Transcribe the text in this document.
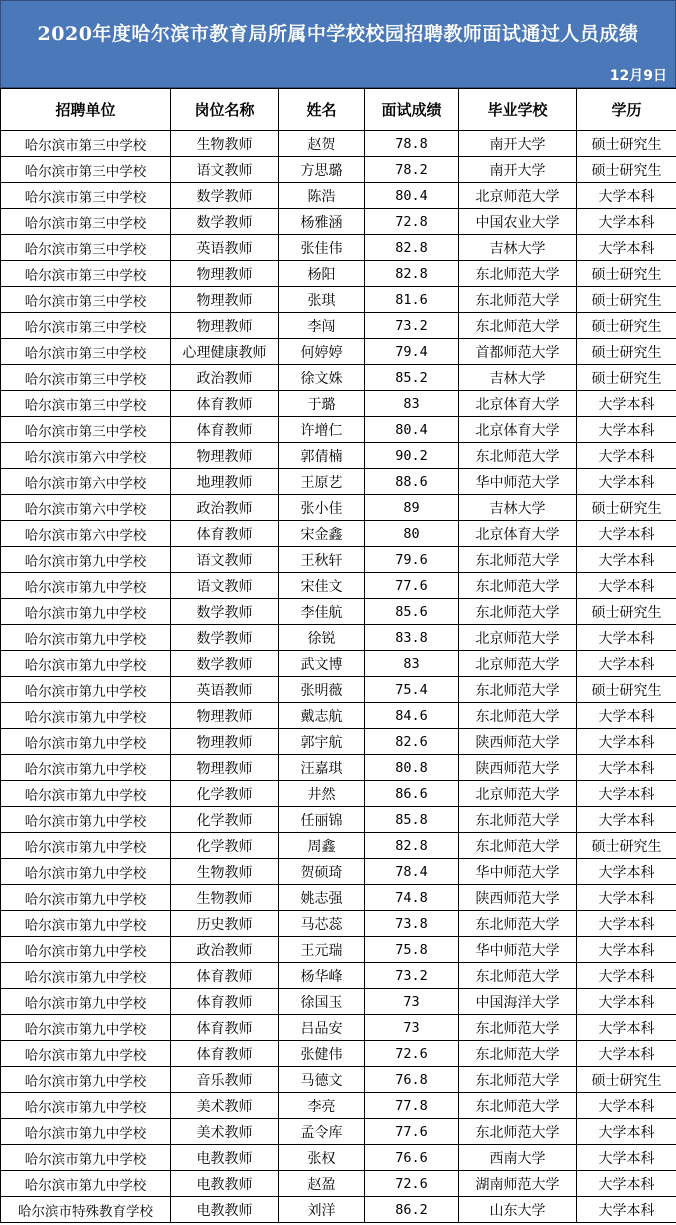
2020年度哈尔滨市教育局所属中学校校园招聘教师面试通过人员成绩
12月9日
招聘单位	岗位名称	姓名	面试成绩	毕业学校	学历
哈尔滨市第三中学校	生物教师	赵贺	78.8	南开大学	硕士研究生
哈尔滨市第三中学校	语文教师	方思璐	78.2	南开大学	硕士研究生
哈尔滨市第三中学校	数学教师	陈浩	80.4	北京师范大学	大学本科
哈尔滨市第三中学校	数学教师	杨雅涵	72.8	中国农业大学	大学本科
哈尔滨市第三中学校	英语教师	张佳伟	82.8	吉林大学	大学本科
哈尔滨市第三中学校	物理教师	杨阳	82.8	东北师范大学	硕士研究生
哈尔滨市第三中学校	物理教师	张琪	81.6	东北师范大学	硕士研究生
哈尔滨市第三中学校	物理教师	李闯	73.2	东北师范大学	硕士研究生
哈尔滨市第三中学校	心理健康教师	何婷婷	79.4	首都师范大学	硕士研究生
哈尔滨市第三中学校	政治教师	徐文姝	85.2	吉林大学	硕士研究生
哈尔滨市第三中学校	体育教师	于璐	83	北京体育大学	大学本科
哈尔滨市第三中学校	体育教师	许增仁	80.4	北京体育大学	大学本科
哈尔滨市第六中学校	物理教师	郭倩楠	90.2	东北师范大学	大学本科
哈尔滨市第六中学校	地理教师	王原艺	88.6	华中师范大学	大学本科
哈尔滨市第六中学校	政治教师	张小佳	89	吉林大学	硕士研究生
哈尔滨市第六中学校	体育教师	宋金鑫	80	北京体育大学	大学本科
哈尔滨市第九中学校	语文教师	王秋轩	79.6	东北师范大学	大学本科
哈尔滨市第九中学校	语文教师	宋佳文	77.6	东北师范大学	大学本科
哈尔滨市第九中学校	数学教师	李佳航	85.6	东北师范大学	硕士研究生
哈尔滨市第九中学校	数学教师	徐锐	83.8	北京师范大学	大学本科
哈尔滨市第九中学校	数学教师	武文博	83	北京师范大学	大学本科
哈尔滨市第九中学校	英语教师	张明薇	75.4	东北师范大学	硕士研究生
哈尔滨市第九中学校	物理教师	戴志航	84.6	东北师范大学	大学本科
哈尔滨市第九中学校	物理教师	郭宇航	82.6	陕西师范大学	大学本科
哈尔滨市第九中学校	物理教师	汪嘉琪	80.8	陕西师范大学	大学本科
哈尔滨市第九中学校	化学教师	井然	86.6	北京师范大学	大学本科
哈尔滨市第九中学校	化学教师	任丽锦	85.8	东北师范大学	大学本科
哈尔滨市第九中学校	化学教师	周鑫	82.8	东北师范大学	硕士研究生
哈尔滨市第九中学校	生物教师	贺硕琦	78.4	华中师范大学	大学本科
哈尔滨市第九中学校	生物教师	姚志强	74.8	陕西师范大学	大学本科
哈尔滨市第九中学校	历史教师	马芯蕊	73.8	东北师范大学	大学本科
哈尔滨市第九中学校	政治教师	王元瑞	75.8	华中师范大学	大学本科
哈尔滨市第九中学校	体育教师	杨华峰	73.2	东北师范大学	大学本科
哈尔滨市第九中学校	体育教师	徐国玉	73	中国海洋大学	大学本科
哈尔滨市第九中学校	体育教师	吕品安	73	东北师范大学	大学本科
哈尔滨市第九中学校	体育教师	张健伟	72.6	东北师范大学	大学本科
哈尔滨市第九中学校	音乐教师	马德文	76.8	东北师范大学	硕士研究生
哈尔滨市第九中学校	美术教师	李亮	77.8	东北师范大学	大学本科
哈尔滨市第九中学校	美术教师	孟令库	77.6	东北师范大学	大学本科
哈尔滨市第九中学校	电教教师	张权	76.6	西南大学	大学本科
哈尔滨市第九中学校	电教教师	赵盈	72.6	湖南师范大学	大学本科
哈尔滨市特殊教育学校	电教教师	刘洋	86.2	山东大学	大学本科
